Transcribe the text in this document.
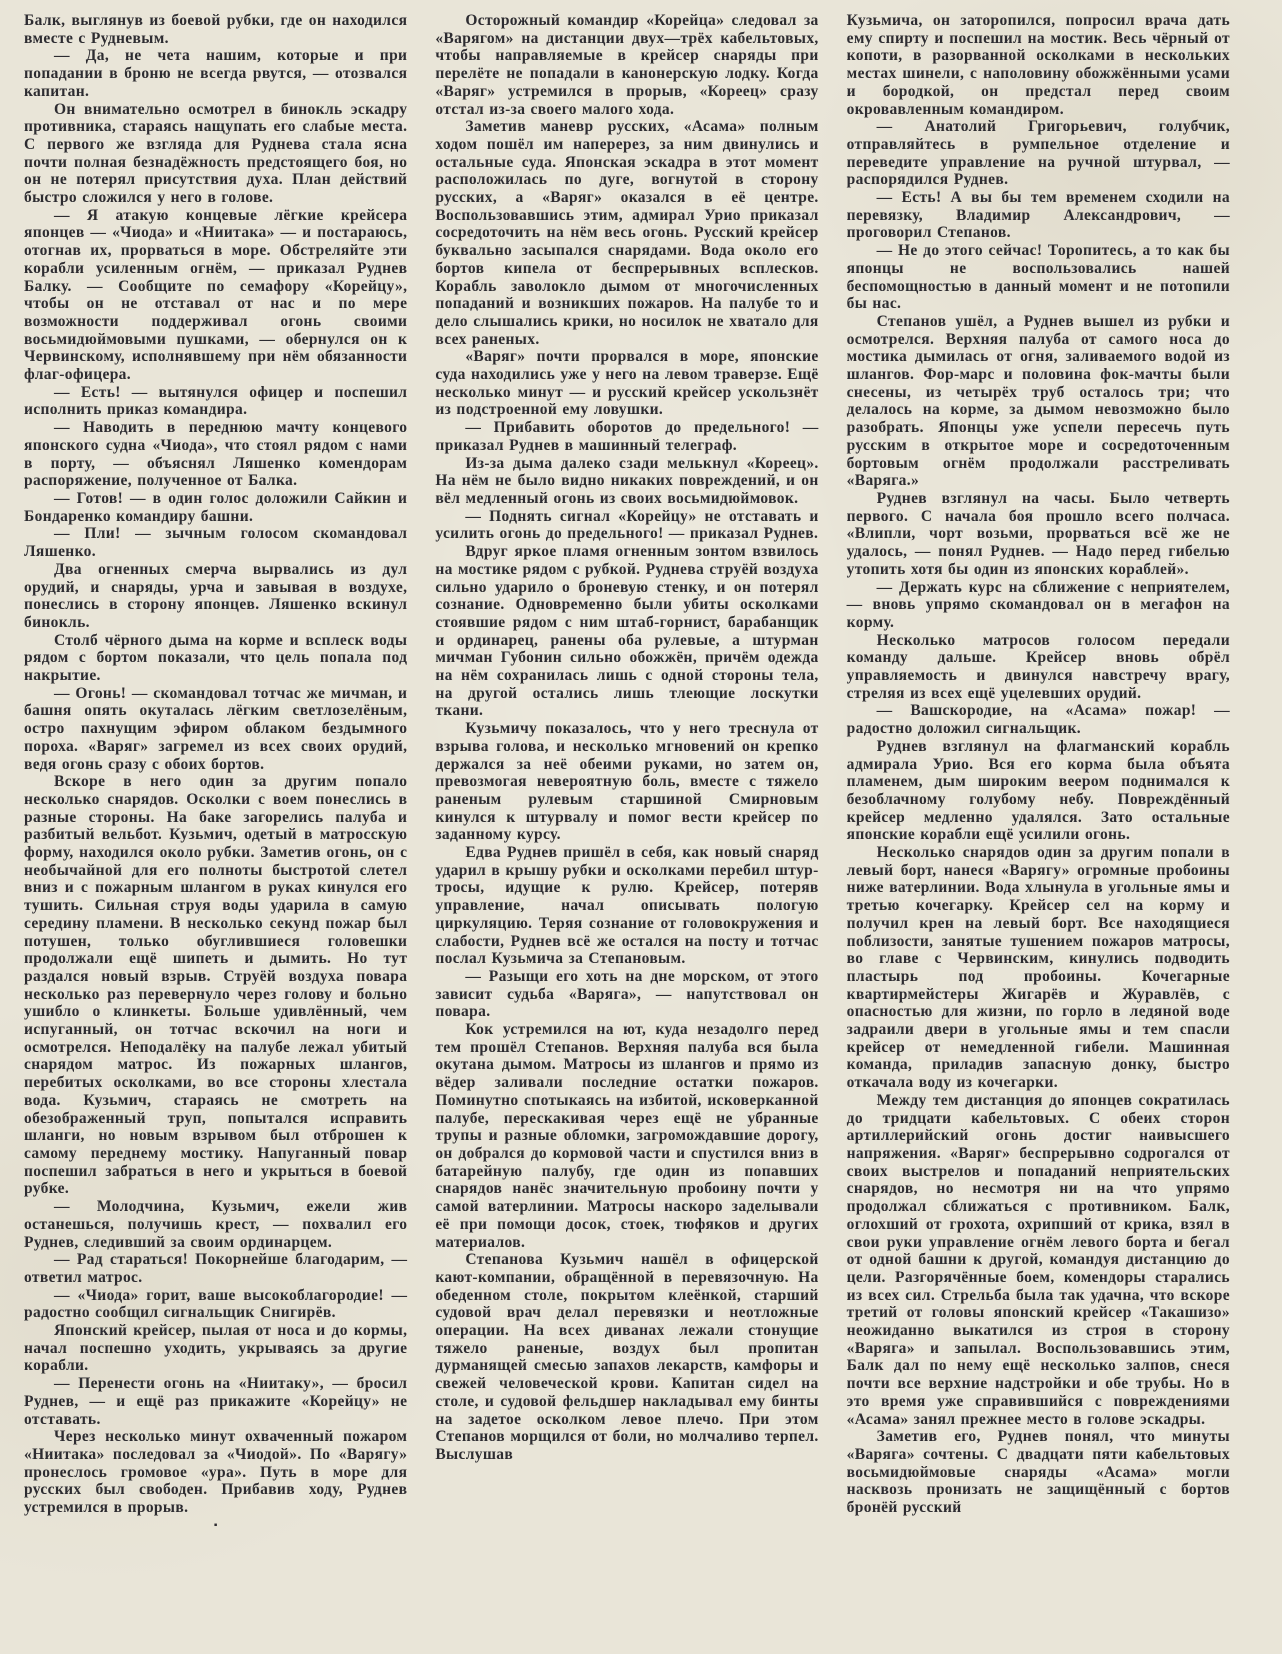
Балк, выглянув из боевой рубки, где он находился вместе с Рудневым.

— Да, не чета нашим, которые и при попадании в броню не всегда рвутся, — отозвался капитан.

Он внимательно осмотрел в бинокль эскадру противника, стараясь нащупать его слабые места. С первого же взгляда для Руднева стала ясна почти полная безнадёжность предстоящего боя, но он не потерял присутствия духа. План действий быстро сложился у него в голове.

— Я атакую концевые лёгкие крейсера японцев — «Чиода» и «Ниитака» — и постараюсь, отогнав их, прорваться в море. Обстреляйте эти корабли усиленным огнём, — приказал Руднев Балку. — Сообщите по семафору «Корейцу», чтобы он не отставал от нас и по мере возможности поддерживал огонь своими восьмидюймовыми пушками, — обернулся он к Червинскому, исполнявшему при нём обязанности флаг-офицера.

— Есть! — вытянулся офицер и поспешил исполнить приказ командира.

— Наводить в переднюю мачту концевого японского судна «Чиода», что стоял рядом с нами в порту, — объяснял Ляшенко комендорам распоряжение, полученное от Балка.

— Готов! — в один голос доложили Сайкин и Бондаренко командиру башни.

— Пли! — зычным голосом скомандовал Ляшенко.

Два огненных смерча вырвались из дул орудий, и снаряды, урча и завывая в воздухе, понеслись в сторону японцев. Ляшенко вскинул бинокль.

Столб чёрного дыма на корме и всплеск воды рядом с бортом показали, что цель попала под накрытие.

— Огонь! — скомандовал тотчас же мичман, и башня опять окуталась лёгким светлозелёным, остро пахнущим эфиром облаком бездымного пороха. «Варяг» загремел из всех своих орудий, ведя огонь сразу с обоих бортов.

Вскоре в него один за другим попало несколько снарядов. Осколки с воем понеслись в разные стороны. На баке загорелись палуба и разбитый вельбот. Кузьмич, одетый в матросскую форму, находился около рубки. Заметив огонь, он с необычайной для его полноты быстротой слетел вниз и с пожарным шлангом в руках кинулся его тушить. Сильная струя воды ударила в самую середину пламени. В несколько секунд пожар был потушен, только обуглившиеся головешки продолжали ещё шипеть и дымить. Но тут раздался новый взрыв. Струёй воздуха повара несколько раз перевернуло через голову и больно ушибло о клинкеты. Больше удивлённый, чем испуганный, он тотчас вскочил на ноги и осмотрелся. Неподалёку на палубе лежал убитый снарядом матрос. Из пожарных шлангов, перебитых осколками, во все стороны хлестала вода. Кузьмич, стараясь не смотреть на обезображенный труп, попытался исправить шланги, но новым взрывом был отброшен к самому переднему мостику. Напуганный повар поспешил забраться в него и укрыться в боевой рубке.

— Молодчина, Кузьмич, ежели жив останешься, получишь крест, — похвалил его Руднев, следивший за своим ординарцем.

— Рад стараться! Покорнейше благодарим, — ответил матрос.

— «Чиода» горит, ваше высокоблагородие! — радостно сообщил сигнальщик Снигирёв.

Японский крейсер, пылая от носа и до кормы, начал поспешно уходить, укрываясь за другие корабли.

— Перенести огонь на «Ниитаку», — бросил Руднев, — и ещё раз прикажите «Корейцу» не отставать.

Через несколько минут охваченный пожаром «Ниитака» последовал за «Чиодой». По «Варягу» пронеслось громовое «ура». Путь в море для русских был свободен. Прибавив ходу, Руднев устремился в прорыв.

▪

Осторожный командир «Корейца» следовал за «Варягом» на дистанции двух—трёх кабельтовых, чтобы направляемые в крейсер снаряды при перелёте не попадали в канонерскую лодку. Когда «Варяг» устремился в прорыв, «Кореец» сразу отстал из-за своего малого хода.

Заметив маневр русских, «Асама» полным ходом пошёл им наперерез, за ним двинулись и остальные суда. Японская эскадра в этот момент расположилась по дуге, вогнутой в сторону русских, а «Варяг» оказался в её центре. Воспользовавшись этим, адмирал Урио приказал сосредоточить на нём весь огонь. Русский крейсер буквально засыпался снарядами. Вода около его бортов кипела от беспрерывных всплесков. Корабль заволокло дымом от многочисленных попаданий и возникших пожаров. На палубе то и дело слышались крики, но носилок не хватало для всех раненых.

«Варяг» почти прорвался в море, японские суда находились уже у него на левом траверзе. Ещё несколько минут — и русский крейсер ускользнёт из подстроенной ему ловушки.

— Прибавить оборотов до предельного! — приказал Руднев в машинный телеграф.

Из-за дыма далеко сзади мелькнул «Кореец». На нём не было видно никаких повреждений, и он вёл медленный огонь из своих восьмидюймовок.

— Поднять сигнал «Корейцу» не отставать и усилить огонь до предельного! — приказал Руднев.

Вдруг яркое пламя огненным зонтом взвилось на мостике рядом с рубкой. Руднева струёй воздуха сильно ударило о броневую стенку, и он потерял сознание. Одновременно были убиты осколками стоявшие рядом с ним штаб-горнист, барабанщик и ординарец, ранены оба рулевые, а штурман мичман Губонин сильно обожжён, причём одежда на нём сохранилась лишь с одной стороны тела, на другой остались лишь тлеющие лоскутки ткани.

Кузьмичу показалось, что у него треснула от взрыва голова, и несколько мгновений он крепко держался за неё обеими руками, но затем он, превозмогая невероятную боль, вместе с тяжело раненым рулевым старшиной Смирновым кинулся к штурвалу и помог вести крейсер по заданному курсу.

Едва Руднев пришёл в себя, как новый снаряд ударил в крышу рубки и осколками перебил штур-тросы, идущие к рулю. Крейсер, потеряв управление, начал описывать пологую циркуляцию. Теряя сознание от головокружения и слабости, Руднев всё же остался на посту и тотчас послал Кузьмича за Степановым.

— Разыщи его хоть на дне морском, от этого зависит судьба «Варяга», — напутствовал он повара.

Кок устремился на ют, куда незадолго перед тем прошёл Степанов. Верхняя палуба вся была окутана дымом. Матросы из шлангов и прямо из вёдер заливали последние остатки пожаров. Поминутно спотыкаясь на избитой, исковерканной палубе, перескакивая через ещё не убранные трупы и разные обломки, загромождавшие дорогу, он добрался до кормовой части и спустился вниз в батарейную палубу, где один из попавших снарядов нанёс значительную пробоину почти у самой ватерлинии. Матросы наскоро заделывали её при помощи досок, стоек, тюфяков и других материалов.

Степанова Кузьмич нашёл в офицерской кают-компании, обращённой в перевязочную. На обеденном столе, покрытом клеёнкой, старший судовой врач делал перевязки и неотложные операции. На всех диванах лежали стонущие тяжело раненые, воздух был пропитан дурманящей смесью запахов лекарств, камфоры и свежей человеческой крови. Капитан сидел на столе, и судовой фельдшер накладывал ему бинты на задетое осколком левое плечо. При этом Степанов морщился от боли, но молчаливо терпел. Выслушав

Кузьмича, он заторопился, попросил врача дать ему спирту и поспешил на мостик. Весь чёрный от копоти, в разорванной осколками в нескольких местах шинели, с наполовину обожжёнными усами и бородкой, он предстал перед своим окровавленным командиром.

— Анатолий Григорьевич, голубчик, отправляйтесь в румпельное отделение и переведите управление на ручной штурвал, — распорядился Руднев.

— Есть! А вы бы тем временем сходили на перевязку, Владимир Александрович, — проговорил Степанов.

— Не до этого сейчас! Торопитесь, а то как бы японцы не воспользовались нашей беспомощностью в данный момент и не потопили бы нас.

Степанов ушёл, а Руднев вышел из рубки и осмотрелся. Верхняя палуба от самого носа до мостика дымилась от огня, заливаемого водой из шлангов. Фор-марс и половина фок-мачты были снесены, из четырёх труб осталось три; что делалось на корме, за дымом невозможно было разобрать. Японцы уже успели пересечь путь русским в открытое море и сосредоточенным бортовым огнём продолжали расстреливать «Варяга.»

Руднев взглянул на часы. Было четверть первого. С начала боя прошло всего полчаса. «Влипли, чорт возьми, прорваться всё же не удалось, — понял Руднев. — Надо перед гибелью утопить хотя бы один из японских кораблей».

— Держать курс на сближение с неприятелем, — вновь упрямо скомандовал он в мегафон на корму.

Несколько матросов голосом передали команду дальше. Крейсер вновь обрёл управляемость и двинулся навстречу врагу, стреляя из всех ещё уцелевших орудий.

— Вашскородие, на «Асама» пожар! — радостно доложил сигнальщик.

Руднев взглянул на флагманский корабль адмирала Урио. Вся его корма была объята пламенем, дым широким веером поднимался к безоблачному голубому небу. Повреждённый крейсер медленно удалялся. Зато остальные японские корабли ещё усилили огонь.

Несколько снарядов один за другим попали в левый борт, нанеся «Варягу» огромные пробоины ниже ватерлинии. Вода хлынула в угольные ямы и третью кочегарку. Крейсер сел на корму и получил крен на левый борт. Все находящиеся поблизости, занятые тушением пожаров матросы, во главе с Червинским, кинулись подводить пластырь под пробоины. Кочегарные квартирмейстеры Жигарёв и Журавлёв, с опасностью для жизни, по горло в ледяной воде задраили двери в угольные ямы и тем спасли крейсер от немедленной гибели. Машинная команда, приладив запасную донку, быстро откачала воду из кочегарки.

Между тем дистанция до японцев сократилась до тридцати кабельтовых. С обеих сторон артиллерийский огонь достиг наивысшего напряжения. «Варяг» беспрерывно содрогался от своих выстрелов и попаданий неприятельских снарядов, но несмотря ни на что упрямо продолжал сближаться с противником. Балк, оглохший от грохота, охрипший от крика, взял в свои руки управление огнём левого борта и бегал от одной башни к другой, командуя дистанцию до цели. Разгорячённые боем, комендоры старались из всех сил. Стрельба была так удачна, что вскоре третий от головы японский крейсер «Такашизо» неожиданно выкатился из строя в сторону «Варяга» и запылал. Воспользовавшись этим, Балк дал по нему ещё несколько залпов, снеся почти все верхние надстройки и обе трубы. Но в это время уже справившийся с повреждениями «Асама» занял прежнее место в голове эскадры.

Заметив его, Руднев понял, что минуты «Варяга» сочтены. С двадцати пяти кабельтовых восьмидюймовые снаряды «Асама» могли насквозь пронизать не защищённый с бортов бронёй русский
